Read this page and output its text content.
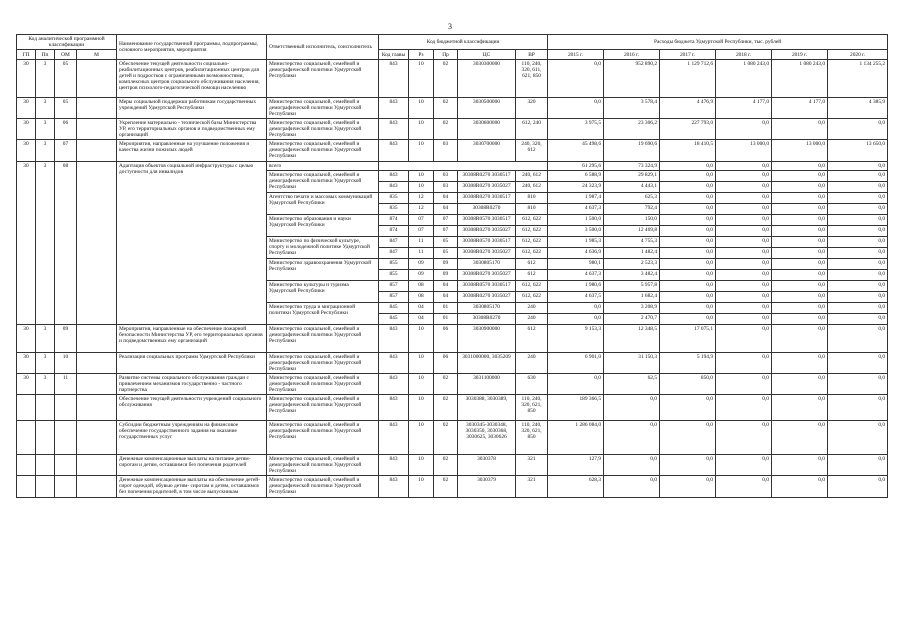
3
Код аналитической программной классификации				Наименование государственной программы, подпрограммы, основного мероприятия, мероприятия	Ответственный исполнитель, соисполнитель	Код бюджетной классификации					Расходы бюджета Удмуртской Республики, тыс. рублей					
ГП	Пп	ОМ	М			Код главы	Рз	Пр	ЦС	ВР	2015 г.	2016 г.	2017 г.	2018 г.	2019 г.	2020 г.
30	3	05		Обеспечение текущей деятельности социально-реабилитационных центров, реабилитационных центров для детей и подростков с ограниченными возможностями, комплексных центров социального обслуживания населения, центров психолого-педагогической помощи населению	Министерство социальной, семейной и демографической политики Удмуртской Республики	843	10	02	3030300000	110, 240, 320, 611, 621, 850	0,0	952 890,2	1 129 712,6	1 080 243,0	1 080 243,0	1 134 255,2
30	3	05		Меры социальной поддержки работникам государственных учреждений Удмуртской Республики	Министерство социальной, семейной и демографической политики Удмуртской Республики	843	10	02	3030500000	320	0,0	3 578,4	4 476,9	4 177,0	4 177,0	4 385,9
30	3	06		Укрепление материально - технической базы Министерства УР, его территориальных органов и подведомственных ему организаций	Министерство социальной, семейной и демографической политики Удмуртской Республики	843	10	02	3030600000	612, 240	3 975,5	23 306,2	227 793,0	0,0	0,0	0,0
30	3	07		Мероприятия, направленные на улучшение положения и качества жизни пожилых людей	Министерство социальной, семейной и демографической политики Удмуртской Республики	843	10	03	3030700000	240, 320, 612	45 498,6	19 690,6	18 410,5	13 000,0	13 000,0	13 650,0
30	3	08		Адаптация объектов социальной инфраструктуры с целью доступности для инвалидов	всего						61 295,6	73 324,9	0,0	0,0	0,0	0,0
					Министерство социальной, семейной и демографической политики Удмуртской Республики	843	10	03	30308R0270 3030517	240, 612	6 588,9	29 829,1	0,0	0,0	0,0	0,0
						843	10	03	30308R0270 3035027	240, 612	24 323,9	4 443,1	0,0	0,0	0,0	0,0
					Агентство печати и массовых коммуникаций Удмуртской Республики	835	12	04	30308R0270 3030517	810	1 987,4	625,3	0,0	0,0	0,0	0,0
						835	12	04	30308R0270	810	4 637,3	792,4	0,0	0,0	0,0	0,0
					Министерство образования и науки Удмуртской Республики	874	07	07	30308R0570 3030517	612, 622	1 500,0	150,0	0,0	0,0	0,0	0,0
						874	07	07	30308R0270 3035027	612, 622	3 500,0	12 469,8	0,0	0,0	0,0	0,0
					Министерство по физической культуре, спорту и молодежной политике Удмуртской Республики	847	11	05	30308R0570 3030517	612, 622	1 985,3	4 755,3	0,0	0,0	0,0	0,0
						847	11	05	30308R0270 3035027	612, 622	4 636,9	1 482,4	0,0	0,0	0,0	0,0
					Министерство здравоохранения Удмуртской Республики	855	09	09	3030805170	612	980,1	2 523,3	0,0	0,0	0,0	0,0
						855	09	09	30308R0270 3035027	612	4 637,3	3 482,4	0,0	0,0	0,0	0,0
					Министерство культуры и туризма Удмуртской Республики	857	08	04	30308R0570 3030517	612, 622	1 980,6	5 957,8	0,0	0,0	0,0	0,0
						857	08	04	30308R0270 3035027	612, 622	4 637,5	1 682,4	0,0	0,0	0,0	0,0
					Министерство труда и миграционной политики Удмуртской Республики	845	04	01	3030805170	240	0,0	3 208,9	0,0	0,0	0,0	0,0
						845	04	01	30308R0270	240	0,0	2 470,7	0,0	0,0	0,0	0,0
30	3	09		Мероприятия, направленные на обеспечение пожарной безопасности Министерства УР, его территориальных органов и подведомственных ему организаций	Министерство социальной, семейной и демографической политики Удмуртской Республики	843	10	06	3030900000	612	9 153,3	12 348,5	17 075,1	0,0	0,0	0,0
30	3	10		Реализация социальных программ Удмуртской Республики	Министерство социальной, семейной и демографической политики Удмуртской Республики	843	10	06	3031000000, 3035209	240	6 901,0	31 150,3	5 194,9	0,0	0,0	0,0
30	3	11		Развитие системы социального обслуживания граждан с привлечением механизмов государственно - частного партнерства	Министерство социальной, семейной и демографической политики Удмуртской Республики	843	10	02	3031100000	630	0,0	62,5	850,0	0,0	0,0	0,0
				Обеспечение текущей деятельности учреждений социального обслуживания	Министерство социальной, семейной и демографической политики Удмуртской Республики	843	10	02	3030388, 3030389,	110, 240, 320, 621, 850	189 366,5	0,0	0,0	0,0	0,0	0,0
				Субсидии бюджетным учреждениям на финансовое обеспечение государственного задания на оказание государственных услуг	Министерство социальной, семейной и демографической политики Удмуртской Республики	843	10	02	3030345-3030348, 3030350, 3030368, 3030625, 3030626	110, 240, 320, 621, 850	1 286 084,0	0,0	0,0	0,0	0,0	0,0
				Денежные компенсационные выплаты на питание детям-сиротам и детям, оставшимся без попечения родителей	Министерство социальной, семейной и демографической политики Удмуртской Республики	843	10	02	3030378	321	127,9	0,0	0,0	0,0	0,0	0,0
				Денежные компенсационные выплаты на обеспечение детей- сирот одеждой, обувью детям- сиротам и детям, оставшимся без попечения родителей, в том числе выпускникам	Министерство социальной, семейной и демографической политики Удмуртской Республики	843	10	02	3030379	321	628,3	0,0	0,0	0,0	0,0	0,0
